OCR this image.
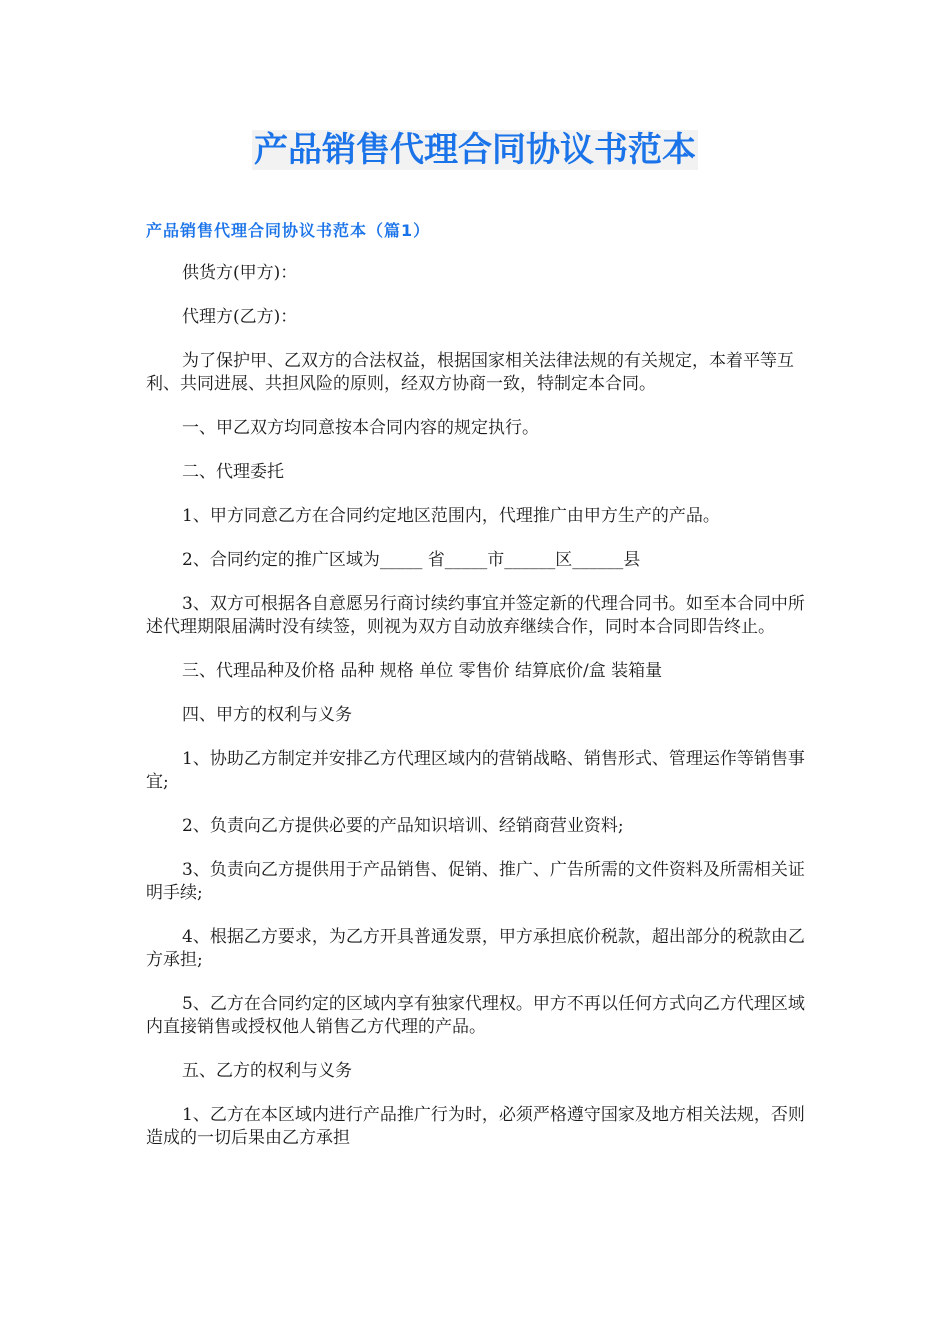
产品销售代理合同协议书范本
产品销售代理合同协议书范本（篇1）

供货方(甲方)：

代理方(乙方)：

为了保护甲、乙双方的合法权益，根据国家相关法律法规的有关规定，本着平等互利、共同进展、共担风险的原则，经双方协商一致，特制定本合同。

一、甲乙双方均同意按本合同内容的规定执行。

二、代理委托

1、甲方同意乙方在合同约定地区范围内，代理推广由甲方生产的产品。

2、合同约定的推广区域为_____ 省_____市______区______县

3、双方可根据各自意愿另行商讨续约事宜并签定新的代理合同书。如至本合同中所述代理期限届满时没有续签，则视为双方自动放弃继续合作，同时本合同即告终止。

三、代理品种及价格 品种 规格 单位 零售价 结算底价/盒 装箱量

四、甲方的权利与义务

1、协助乙方制定并安排乙方代理区域内的营销战略、销售形式、管理运作等销售事宜;

2、负责向乙方提供必要的产品知识培训、经销商营业资料;

3、负责向乙方提供用于产品销售、促销、推广、广告所需的文件资料及所需相关证明手续;

4、根据乙方要求，为乙方开具普通发票，甲方承担底价税款，超出部分的税款由乙方承担;

5、乙方在合同约定的区域内享有独家代理权。甲方不再以任何方式向乙方代理区域内直接销售或授权他人销售乙方代理的产品。

五、乙方的权利与义务

1、乙方在本区域内进行产品推广行为时，必须严格遵守国家及地方相关法规，否则造成的一切后果由乙方承担
